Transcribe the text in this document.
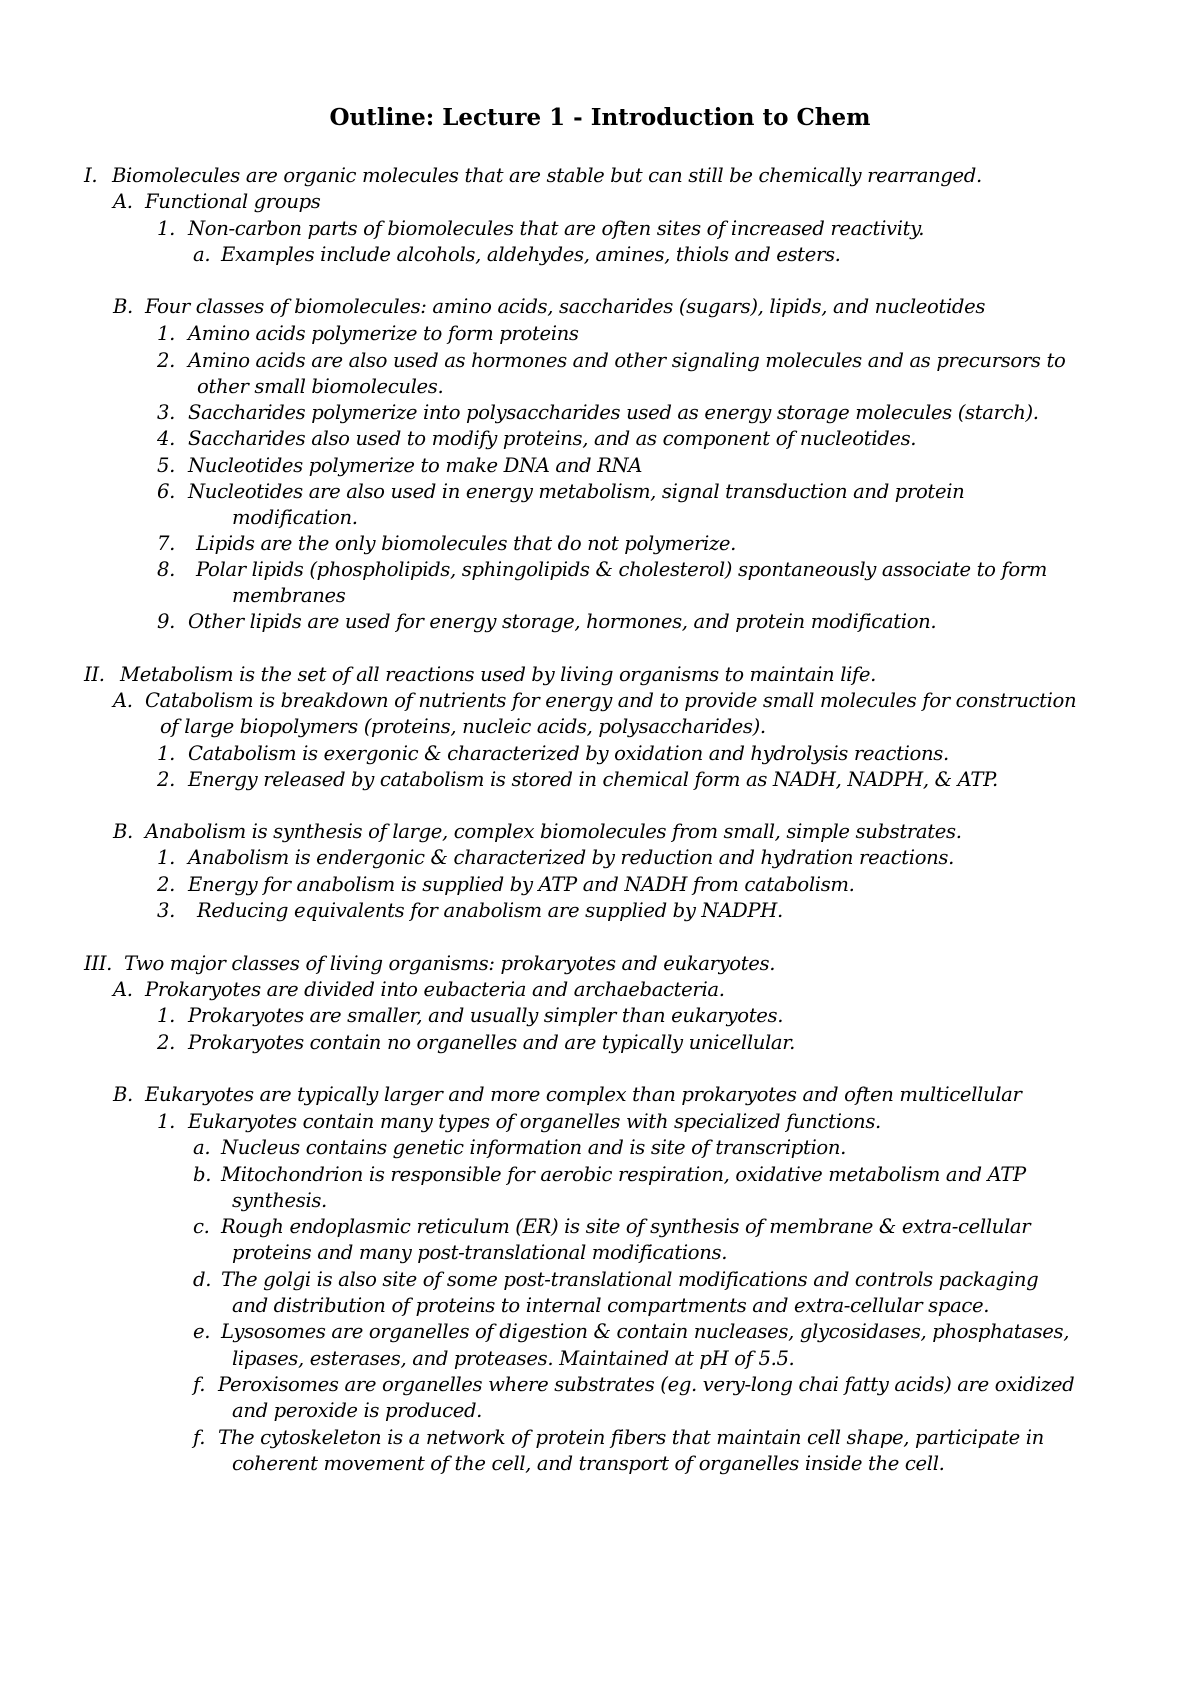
Outline: Lecture 1 - Introduction to Chem
I. Biomolecules are organic molecules that are stable but can still be chemically rearranged.
A. Functional groups
1. Non-carbon parts of biomolecules that are often sites of increased reactivity.
a. Examples include alcohols, aldehydes, amines, thiols and esters.
B. Four classes of biomolecules: amino acids, saccharides (sugars), lipids, and nucleotides
1. Amino acids polymerize to form proteins
2. Amino acids are also used as hormones and other signaling molecules and as precursors to
other small biomolecules.
3. Saccharides polymerize into polysaccharides used as energy storage molecules (starch).
4. Saccharides also used to modify proteins, and as component of nucleotides.
5. Nucleotides polymerize to make DNA and RNA
6. Nucleotides are also used in energy metabolism, signal transduction and protein
modification.
7. Lipids are the only biomolecules that do not polymerize.
8. Polar lipids (phospholipids, sphingolipids & cholesterol) spontaneously associate to form
membranes
9. Other lipids are used for energy storage, hormones, and protein modification.
II. Metabolism is the set of all reactions used by living organisms to maintain life.
A. Catabolism is breakdown of nutrients for energy and to provide small molecules for construction
of large biopolymers (proteins, nucleic acids, polysaccharides).
1. Catabolism is exergonic & characterized by oxidation and hydrolysis reactions.
2. Energy released by catabolism is stored in chemical form as NADH, NADPH, & ATP.
B. Anabolism is synthesis of large, complex biomolecules from small, simple substrates.
1. Anabolism is endergonic & characterized by reduction and hydration reactions.
2. Energy for anabolism is supplied by ATP and NADH from catabolism.
3. Reducing equivalents for anabolism are supplied by NADPH.
III. Two major classes of living organisms: prokaryotes and eukaryotes.
A. Prokaryotes are divided into eubacteria and archaebacteria.
1. Prokaryotes are smaller, and usually simpler than eukaryotes.
2. Prokaryotes contain no organelles and are typically unicellular.
B. Eukaryotes are typically larger and more complex than prokaryotes and often multicellular
1. Eukaryotes contain many types of organelles with specialized functions.
a. Nucleus contains genetic information and is site of transcription.
b. Mitochondrion is responsible for aerobic respiration, oxidative metabolism and ATP
synthesis.
c. Rough endoplasmic reticulum (ER) is site of synthesis of membrane & extra-cellular
proteins and many post-translational modifications.
d. The golgi is also site of some post-translational modifications and controls packaging
and distribution of proteins to internal compartments and extra-cellular space.
e. Lysosomes are organelles of digestion & contain nucleases, glycosidases, phosphatases,
lipases, esterases, and proteases. Maintained at pH of 5.5.
f. Peroxisomes are organelles where substrates (eg. very-long chai fatty acids) are oxidized
and peroxide is produced.
f. The cytoskeleton is a network of protein fibers that maintain cell shape, participate in
coherent movement of the cell, and transport of organelles inside the cell.
